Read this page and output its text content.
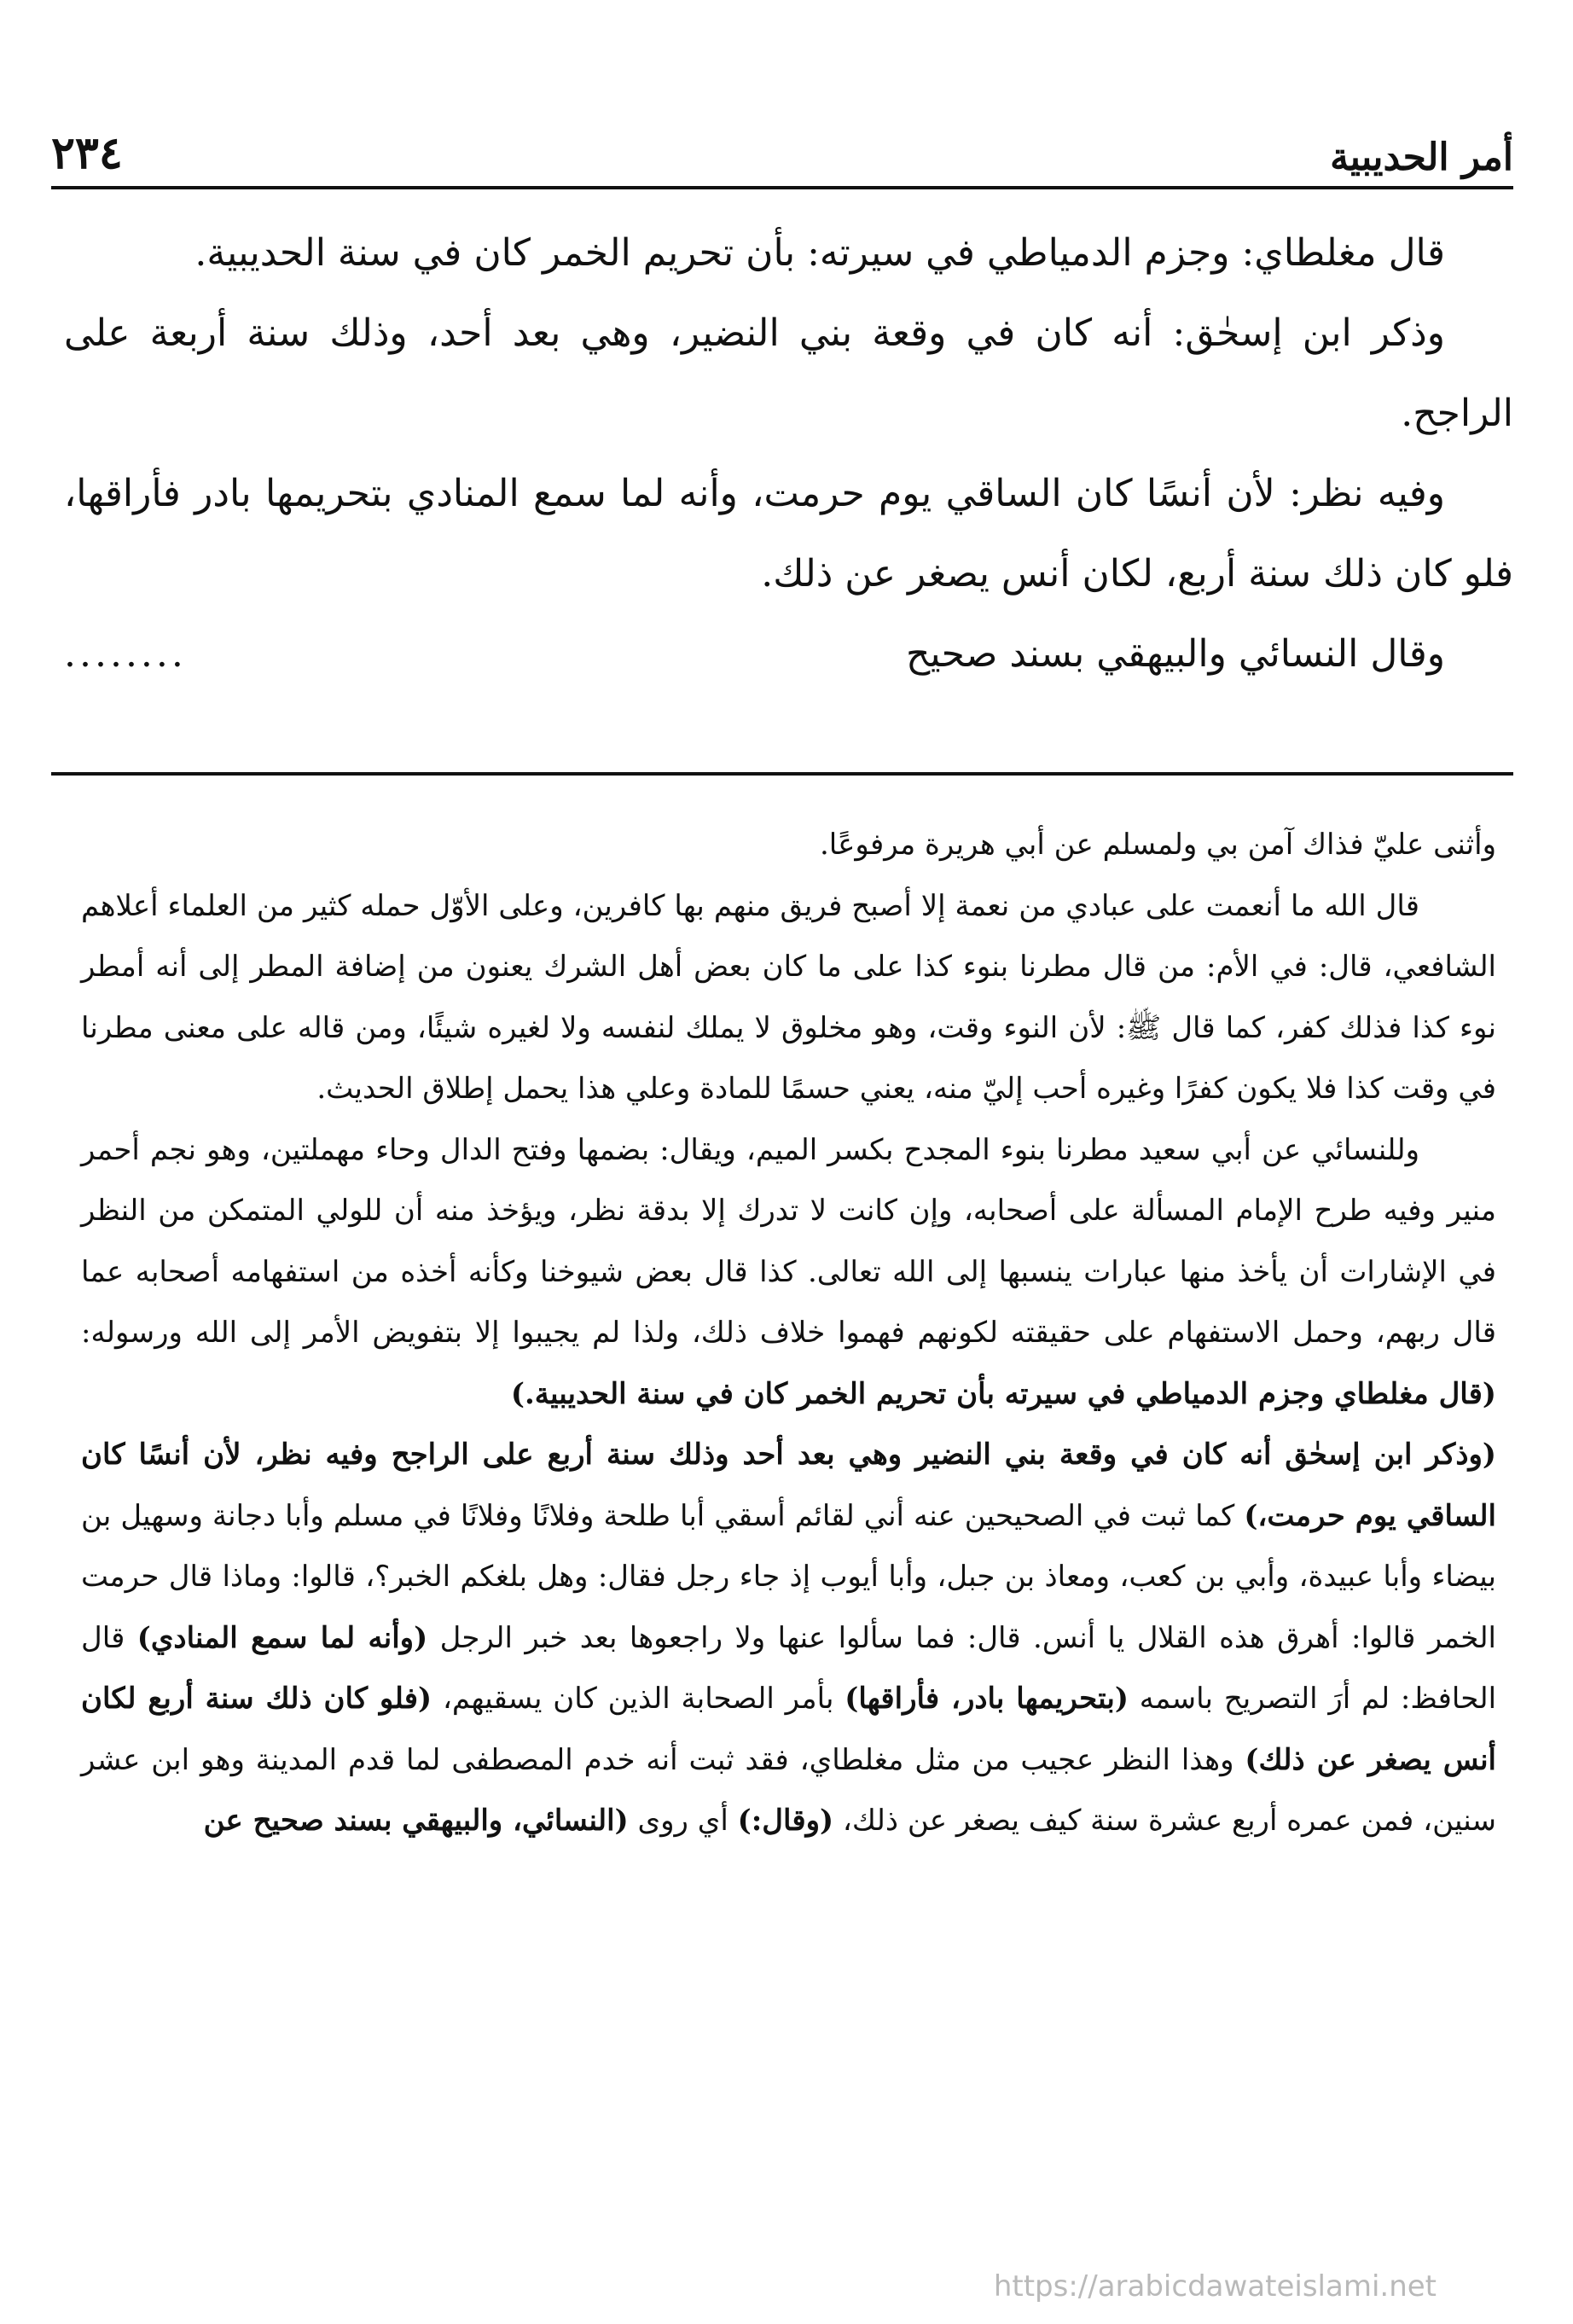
أمر الحديبية
٢٣٤

قال مغلطاي: وجزم الدمياطي في سيرته: بأن تحريم الخمر كان في سنة الحديبية.

وذكر ابن إسحٰق: أنه كان في وقعة بني النضير، وهي بعد أحد، وذلك سنة أربعة على الراجح.

وفيه نظر: لأن أنسًا كان الساقي يوم حرمت، وأنه لما سمع المنادي بتحريمها بادر فأراقها، فلو كان ذلك سنة أربع، لكان أنس يصغر عن ذلك.

وقال النسائي والبيهقي بسند صحيح
........

وأثنى عليّ فذاك آمن بي ولمسلم عن أبي هريرة مرفوعًا.

قال الله ما أنعمت على عبادي من نعمة إلا أصبح فريق منهم بها كافرين، وعلى الأوّل حمله كثير من العلماء أعلاهم الشافعي، قال: في الأم: من قال مطرنا بنوء كذا على ما كان بعض أهل الشرك يعنون من إضافة المطر إلى أنه أمطر نوء كذا فذلك كفر، كما قال ﷺ: لأن النوء وقت، وهو مخلوق لا يملك لنفسه ولا لغيره شيئًا، ومن قاله على معنى مطرنا في وقت كذا فلا يكون كفرًا وغيره أحب إليّ منه، يعني حسمًا للمادة وعلي هذا يحمل إطلاق الحديث.

وللنسائي عن أبي سعيد مطرنا بنوء المجدح بكسر الميم، ويقال: بضمها وفتح الدال وحاء مهملتين، وهو نجم أحمر منير وفيه طرح الإمام المسألة على أصحابه، وإن كانت لا تدرك إلا بدقة نظر، ويؤخذ منه أن للولي المتمكن من النظر في الإشارات أن يأخذ منها عبارات ينسبها إلى الله تعالى. كذا قال بعض شيوخنا وكأنه أخذه من استفهامه أصحابه عما قال ربهم، وحمل الاستفهام على حقيقته لكونهم فهموا خلاف ذلك، ولذا لم يجيبوا إلا بتفويض الأمر إلى الله ورسوله: (قال مغلطاي وجزم الدمياطي في سيرته بأن تحريم الخمر كان في سنة الحديبية.)

(وذكر ابن إسحٰق أنه كان في وقعة بني النضير وهي بعد أحد وذلك سنة أربع على الراجح وفيه نظر، لأن أنسًا كان الساقي يوم حرمت،) كما ثبت في الصحيحين عنه أني لقائم أسقي أبا طلحة وفلانًا وفلانًا في مسلم وأبا دجانة وسهيل بن بيضاء وأبا عبيدة، وأبي بن كعب، ومعاذ بن جبل، وأبا أيوب إذ جاء رجل فقال: وهل بلغكم الخبر؟، قالوا: وماذا قال حرمت الخمر قالوا: أهرق هذه القلال يا أنس. قال: فما سألوا عنها ولا راجعوها بعد خبر الرجل (وأنه لما سمع المنادي) قال الحافظ: لم أرَ التصريح باسمه (بتحريمها بادر، فأراقها) بأمر الصحابة الذين كان يسقيهم، (فلو كان ذلك سنة أربع لكان أنس يصغر عن ذلك) وهذا النظر عجيب من مثل مغلطاي، فقد ثبت أنه خدم المصطفى لما قدم المدينة وهو ابن عشر سنين، فمن عمره أربع عشرة سنة كيف يصغر عن ذلك، (وقال:) أي روى (النسائي، والبيهقي بسند صحيح عن

https://arabicdawateislami.net
